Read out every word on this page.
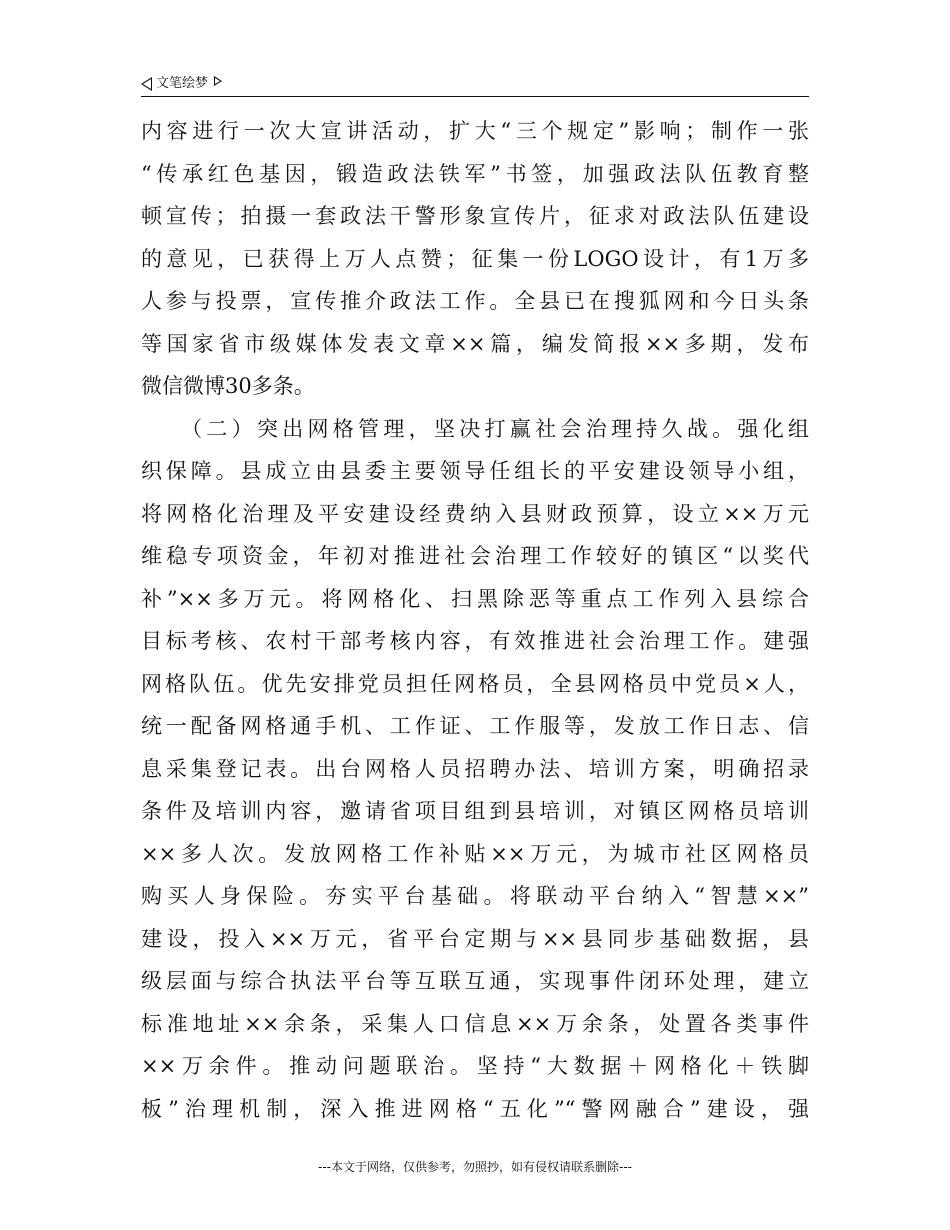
文笔绘梦
内容进行一次大宣讲活动，扩大“三个规定”影响；制作一张
“传承红色基因，锻造政法铁军”书签，加强政法队伍教育整
顿宣传；拍摄一套政法干警形象宣传片，征求对政法队伍建设
的意见，已获得上万人点赞；征集一份LOGO设计，有1万多
人参与投票，宣传推介政法工作。全县已在搜狐网和今日头条
等国家省市级媒体发表文章××篇，编发简报××多期，发布
微信微博30多条。
　　（二）突出网格管理，坚决打赢社会治理持久战。强化组
织保障。县成立由县委主要领导任组长的平安建设领导小组，
将网格化治理及平安建设经费纳入县财政预算，设立××万元
维稳专项资金，年初对推进社会治理工作较好的镇区“以奖代
补”××多万元。将网格化、扫黑除恶等重点工作列入县综合
目标考核、农村干部考核内容，有效推进社会治理工作。建强
网格队伍。优先安排党员担任网格员，全县网格员中党员×人，
统一配备网格通手机、工作证、工作服等，发放工作日志、信
息采集登记表。出台网格人员招聘办法、培训方案，明确招录
条件及培训内容，邀请省项目组到县培训，对镇区网格员培训
××多人次。发放网格工作补贴××万元，为城市社区网格员
购买人身保险。夯实平台基础。将联动平台纳入“智慧××”
建设，投入××万元，省平台定期与××县同步基础数据，县
级层面与综合执法平台等互联互通，实现事件闭环处理，建立
标准地址××余条，采集人口信息××万余条，处置各类事件
××万余件。推动问题联治。坚持“大数据＋网格化＋铁脚
板”治理机制，深入推进网格“五化”“警网融合”建设，强
---本文于网络，仅供参考，勿照抄，如有侵权请联系删除---
